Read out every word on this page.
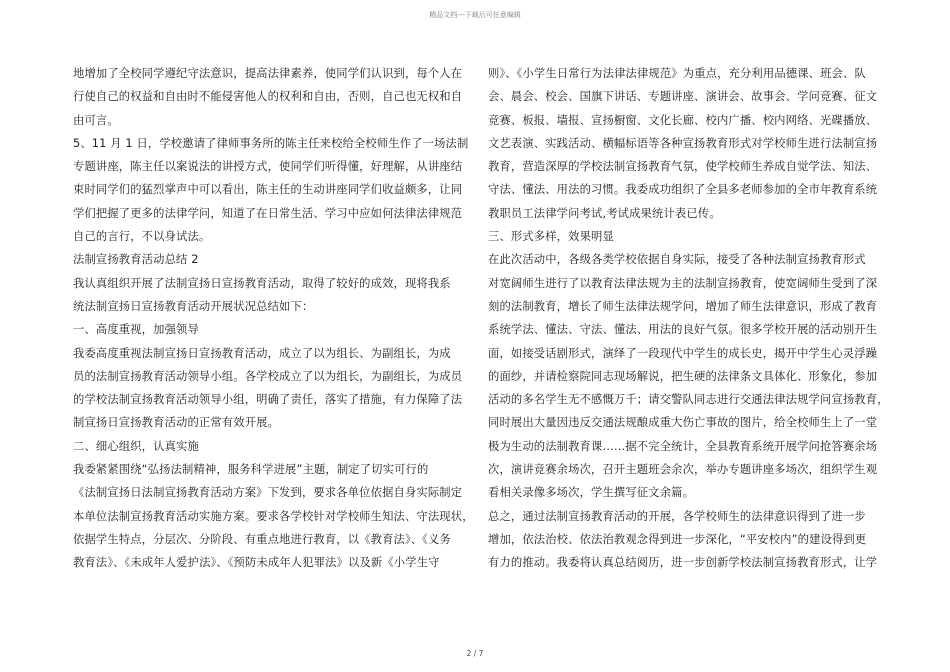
精品文档---下载后可任意编辑
地增加了全校同学遵纪守法意识，提高法律素养，使同学们认识到，每个人在
行使自己的权益和自由时不能侵害他人的权利和自由，否则，自己也无权和自
由可言。
5、11 月 1 日，学校邀请了律师事务所的陈主任来校给全校师生作了一场法制
专题讲座，陈主任以案说法的讲授方式，使同学们听得懂，好理解，从讲座结
束时同学们的猛烈掌声中可以看出，陈主任的生动讲座同学们收益颇多，让同
学们把握了更多的法律学问，知道了在日常生活、学习中应如何法律法律规范
自己的言行，不以身试法。
法制宣扬教育活动总结 2
我认真组织开展了法制宣扬日宣扬教育活动，取得了较好的成效，现将我系
统法制宣扬日宣扬教育活动开展状况总结如下：
一、高度重视，加强领导
我委高度重视法制宣扬日宣扬教育活动，成立了以为组长、为副组长，为成
员的法制宣扬教育活动领导小组。各学校成立了以为组长，为副组长，为成员
的学校法制宣扬教育活动领导小组，明确了责任，落实了措施，有力保障了法
制宣扬日宣扬教育活动的正常有效开展。
二、细心组织，认真实施
我委紧紧围绕“弘扬法制精神，服务科学进展”主题，制定了切实可行的
《法制宣扬日法制宣扬教育活动方案》下发到，要求各单位依据自身实际制定
本单位法制宣扬教育活动实施方案。要求各学校针对学校师生知法、守法现状，
依据学生特点，分层次、分阶段、有重点地进行教育，以《教育法》、《义务
教育法》、《未成年人爱护法》、《预防未成年人犯罪法》以及新《小学生守
则》、《小学生日常行为法律法律规范》为重点，充分利用品德课、班会、队
会、晨会、校会、国旗下讲话、专题讲座、演讲会、故事会、学问竞赛、征文
竞赛、板报、墙报、宣扬橱窗、文化长廊、校内广播、校内网络、光碟播放、
文艺表演、实践活动、横幅标语等各种宣扬教育形式对学校师生进行法制宣扬
教育，营造深厚的学校法制宣扬教育气氛，使学校师生养成自觉学法、知法、
守法、懂法、用法的习惯。我委成功组织了全县多老师参加的全市年教育系统
教职员工法律学问考试,考试成果统计表已传。
三、形式多样，效果明显
在此次活动中，各级各类学校依据自身实际，接受了各种法制宣扬教育形式
对宽阔师生进行了以教育法律法规为主的法制宣扬教育，使宽阔师生受到了深
刻的法制教育，增长了师生法律法规学问，增加了师生法律意识，形成了教育
系统学法、懂法、守法、懂法、用法的良好气氛。很多学校开展的活动别开生
面，如接受话剧形式，演绎了一段现代中学生的成长史，揭开中学生心灵浮躁
的面纱，并请检察院同志现场解说，把生硬的法律条文具体化、形象化，参加
活动的多名学生无不感慨万千；请交警队同志进行交通法律法规学问宣扬教育，
同时展出大量因违反交通法规酿成重大伤亡事故的图片，给全校师生上了一堂
极为生动的法制教育课……据不完全统计，全县教育系统开展学问抢答赛余场
次，演讲竞赛余场次，召开主题班会余次，举办专题讲座多场次，组织学生观
看相关录像多场次，学生撰写征文余篇。
总之，通过法制宣扬教育活动的开展，各学校师生的法律意识得到了进一步
增加，依法治校、依法治教观念得到进一步深化，“平安校内”的建设得到更
有力的推动。我委将认真总结阅历，进一步创新学校法制宣扬教育形式，让学
2 / 7
